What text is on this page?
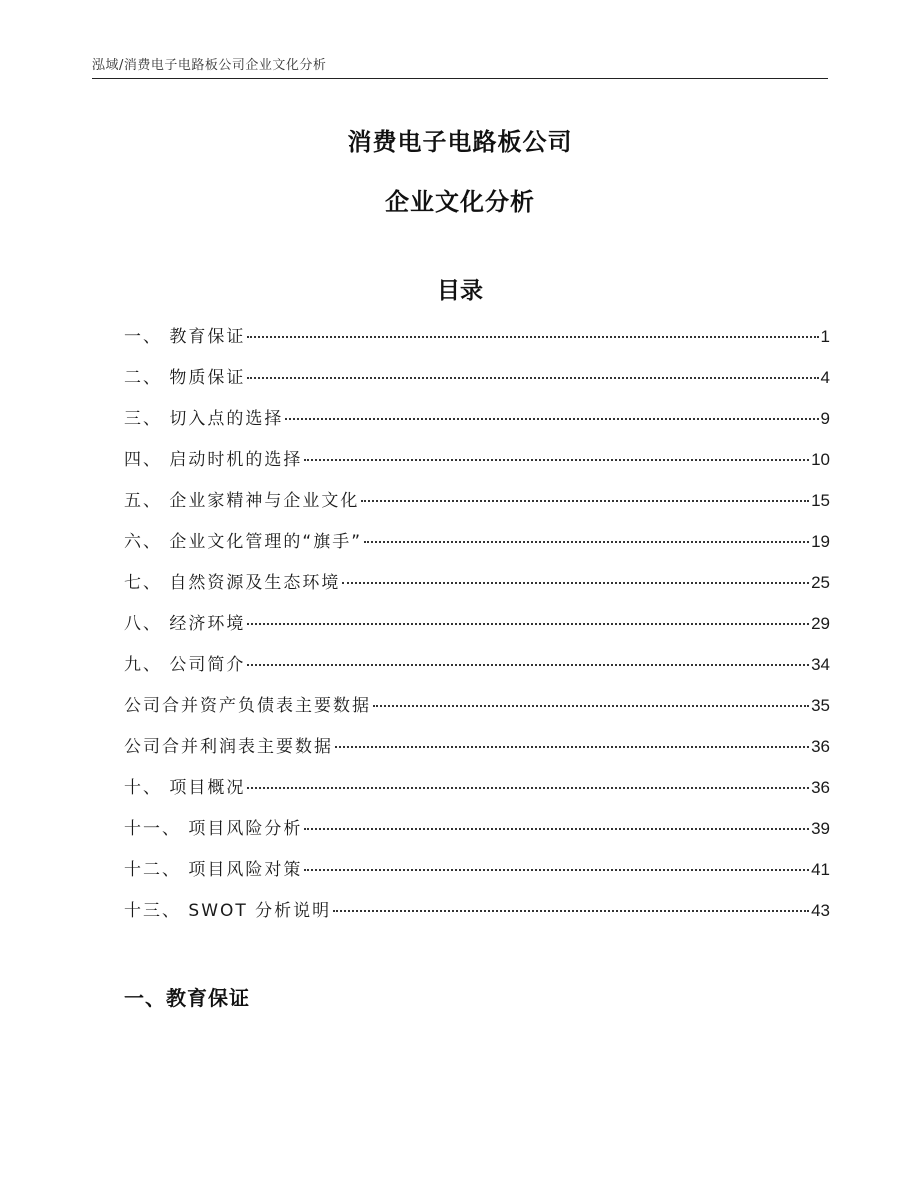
泓域/消费电子电路板公司企业文化分析
消费电子电路板公司
企业文化分析
目录
一、 教育保证	1
二、 物质保证	4
三、 切入点的选择	9
四、 启动时机的选择	10
五、 企业家精神与企业文化	15
六、 企业文化管理的“旗手”	19
七、 自然资源及生态环境	25
八、 经济环境	29
九、 公司简介	34
公司合并资产负债表主要数据	35
公司合并利润表主要数据	36
十、 项目概况	36
十一、 项目风险分析	39
十二、 项目风险对策	41
十三、 SWOT 分析说明	43
一、教育保证
